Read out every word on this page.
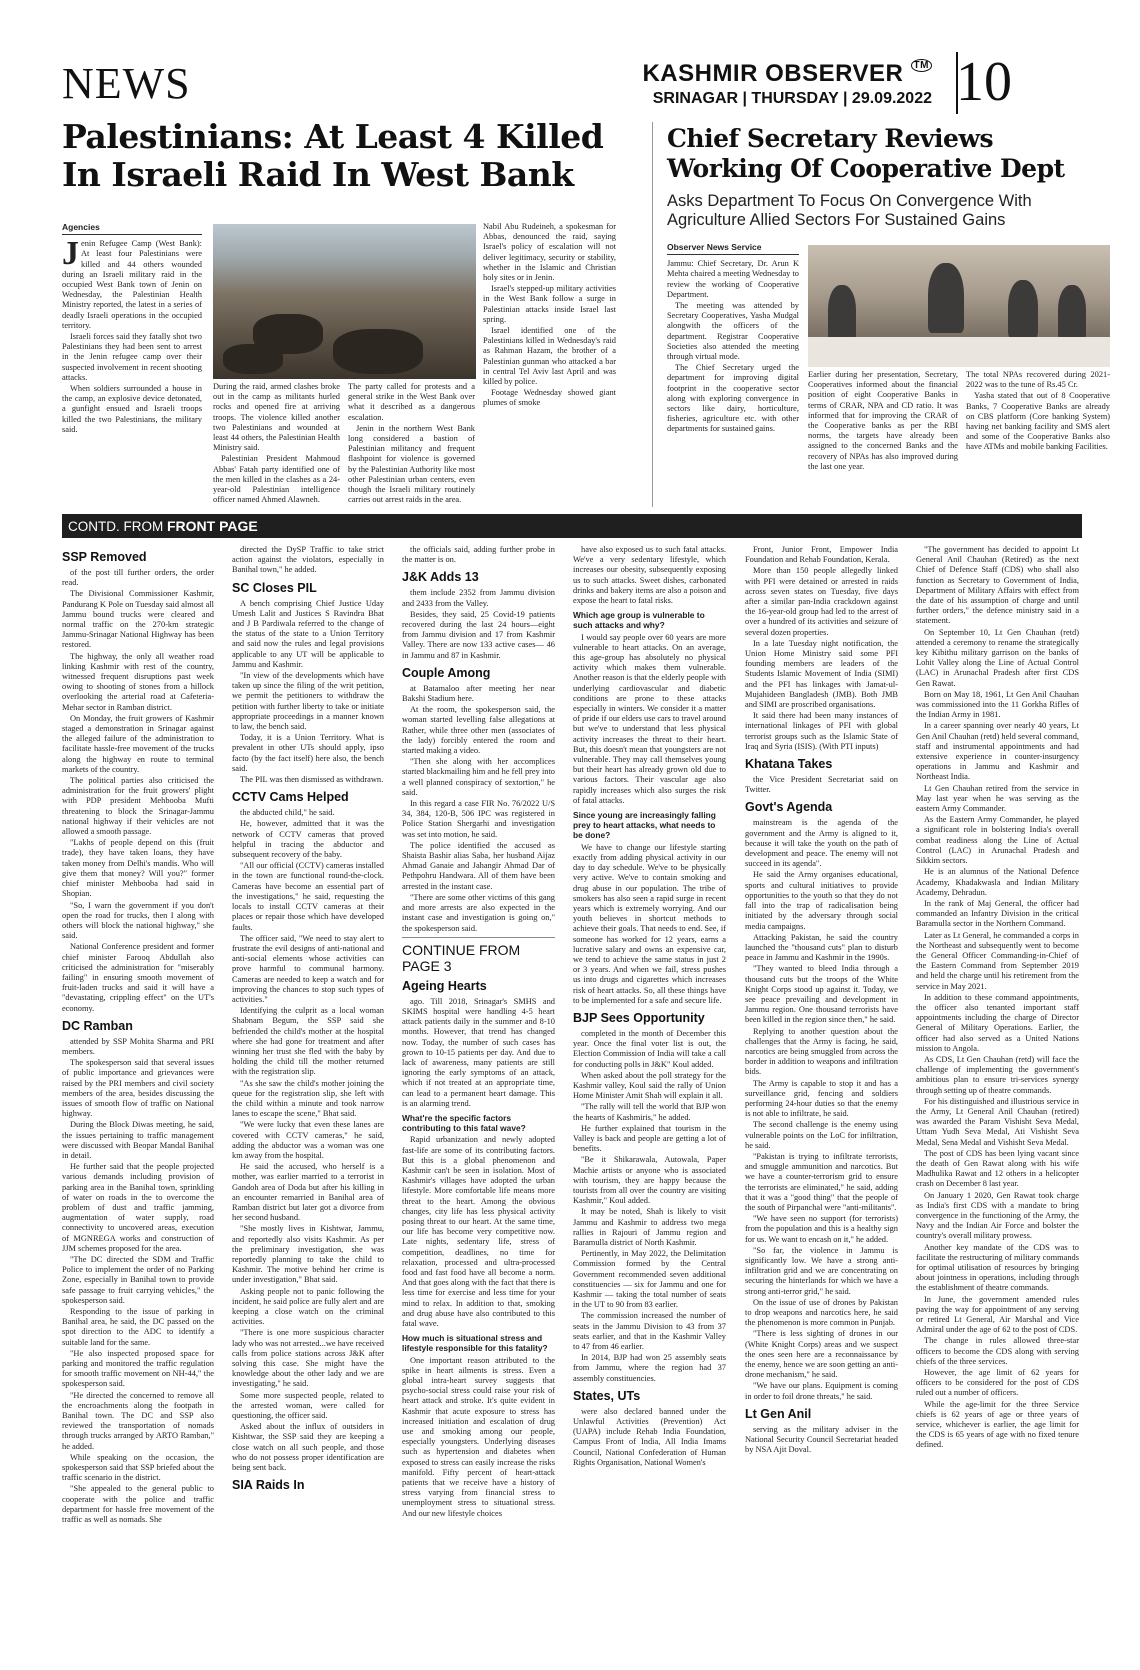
NEWS	KASHMIR OBSERVER ™
SRINAGAR | THURSDAY | 29.09.2022 10
Palestinians: At Least 4 Killed In Israeli Raid In West Bank
Agencies

Jenin Refugee Camp (West Bank): At least four Palestinians were killed and 44 others wounded during an Israeli military raid in the occupied West Bank town of Jenin on Wednesday, the Palestinian Health Ministry reported, the latest in a series of deadly Israeli operations in the occupied territory.

Israeli forces said they fatally shot two Palestinians they had been sent to arrest in the Jenin refugee camp over their suspected involvement in recent shooting attacks.

When soldiers surrounded a house in the camp, an explosive device detonated, a gunfight ensued and Israeli troops killed the two Palestinians, the military said.

During the raid, armed clashes broke out in the camp as militants hurled rocks and opened fire at arriving troops. The violence killed another two Palestinians and wounded at least 44 others, the Palestinian Health Ministry said.

Palestinian President Mahmoud Abbas' Fatah party identified one of the men killed in the clashes as a 24-year-old Palestinian intelligence officer named Ahmed Alawneh.

The party called for protests and a general strike in the West Bank over what it described as a dangerous escalation.

Jenin in the northern West Bank long considered a bastion of Palestinian militancy and frequent flashpoint for violence is governed by the Palestinian Authority like most other Palestinian urban centers, even though the Israeli military routinely carries out arrest raids in the area.

Nabil Abu Rudeineh, a spokesman for Abbas, denounced the raid, saying Israel's policy of escalation will not deliver legitimacy, security or stability, whether in the Islamic and Christian holy sites or in Jenin.

Israel's stepped-up military activities in the West Bank follow a surge in Palestinian attacks inside Israel last spring.

Israel identified one of the Palestinians killed in Wednesday's raid as Rahman Hazam, the brother of a Palestinian gunman who attacked a bar in central Tel Aviv last April and was killed by police.

Footage Wednesday showed giant plumes of smoke

Chief Secretary Reviews Working Of Cooperative Dept
Asks Department To Focus On Convergence With Agriculture Allied Sectors For Sustained Gains
Observer News Service

Jammu: Chief Secretary, Dr. Arun K Mehta chaired a meeting Wednesday to review the working of Cooperative Department.

The meeting was attended by Secretary Cooperatives, Yasha Mudgal alongwith the officers of the department. Registrar Cooperative Societies also attended the meeting through virtual mode.

The Chief Secretary urged the department for improving digital footprint in the cooperative sector along with exploring convergence in sectors like dairy, horticulture, fisheries, agriculture etc. with other departments for sustained gains.

Earlier during her presentation, Secretary, Cooperatives informed about the financial position of eight Cooperative Banks in terms of CRAR, NPA and CD ratio. It was informed that for improving the CRAR of the Cooperative banks as per the RBI norms, the targets have already been assigned to the concerned Banks and the recovery of NPAs has also improved during the last one year.

The total NPAs recovered during 2021-2022 was to the tune of Rs.45 Cr.

Yasha stated that out of 8 Cooperative Banks, 7 Cooperative Banks are already on CBS platform (Core banking System) having net banking facility and SMS alert and some of the Cooperative Banks also have ATMs and mobile banking Facilities.

CONTD. FROM FRONT PAGE
SSP Removed

of the post till further orders, the order read.

The Divisional Commissioner Kashmir, Pandurang K Pole on Tuesday said almost all Jammu bound trucks were cleared and normal traffic on the 270-km strategic Jammu-Srinagar National Highway has been restored.

The highway, the only all weather road linking Kashmir with rest of the country, witnessed frequent disruptions past week owing to shooting of stones from a hillock overlooking the arterial road at Cafeteria-Mehar sector in Ramban district.

On Monday, the fruit growers of Kashmir staged a demonstration in Srinagar against the alleged failure of the administration to facilitate hassle-free movement of the trucks along the highway en route to terminal markets of the country.

The political parties also criticised the administration for the fruit growers' plight with PDP president Mehbooba Mufti threatening to block the Srinagar-Jammu national highway if their vehicles are not allowed a smooth passage.

"Lakhs of people depend on this (fruit trade), they have taken loans, they have taken money from Delhi's mandis. Who will give them that money? Will you?" former chief minister Mehbooba had said in Shopian.

"So, I warn the government if you don't open the road for trucks, then I along with others will block the national highway," she said.

National Conference president and former chief minister Farooq Abdullah also criticised the administration for "miserably failing" in ensuring smooth movement of fruit-laden trucks and said it will have a "devastating, crippling effect" on the UT's economy.

DC Ramban

attended by SSP Mohita Sharma and PRI members.

The spokesperson said that several issues of public importance and grievances were raised by the PRI members and civil society members of the area, besides discussing the issues of smooth flow of traffic on National highway.

During the Block Diwas meeting, he said, the issues pertaining to traffic management were discussed with Beopar Mandal Banihal in detail.

He further said that the people projected various demands including provision of parking area in the Banihal town, sprinkling of water on roads in the to overcome the problem of dust and traffic jamming, augmentation of water supply, road connectivity to uncovered areas, execution of MGNREGA works and construction of JJM schemes proposed for the area.

"The DC directed the SDM and Traffic Police to implement the order of no Parking Zone, especially in Banihal town to provide safe passage to fruit carrying vehicles," the spokesperson said.

Responding to the issue of parking in Banihal area, he said, the DC passed on the spot direction to the ADC to identify a suitable land for the same.

"He also inspected proposed space for parking and monitored the traffic regulation for smooth traffic movement on NH-44," the spokesperson said.

"He directed the concerned to remove all the encroachments along the footpath in Banihal town. The DC and SSP also reviewed the transportation of nomads through trucks arranged by ARTO Ramban," he added.

While speaking on the occasion, the spokesperson said that SSP briefed about the traffic scenario in the district.

"She appealed to the general public to cooperate with the police and traffic department for hassle free movement of the traffic as well as nomads. She

directed the DySP Traffic to take strict action against the violators, especially in Banihal town," he added.

SC Closes PIL

A bench comprising Chief Justice Uday Umesh Lalit and Justices S Ravindra Bhat and J B Pardiwala referred to the change of the status of the state to a Union Territory and said now the rules and legal provisions applicable to any UT will be applicable to Jammu and Kashmir.

"In view of the developments which have taken up since the filing of the writ petition, we permit the petitioners to withdraw the petition with further liberty to take or initiate appropriate proceedings in a manner known to law, the bench said.

Today, it is a Union Territory. What is prevalent in other UTs should apply, ipso facto (by the fact itself) here also, the bench said.

The PIL was then dismissed as withdrawn.

CCTV Cams Helped

the abducted child," he said.

He, however, admitted that it was the network of CCTV cameras that proved helpful in tracing the abductor and subsequent recovery of the baby.

"All our official (CCTV) cameras installed in the town are functional round-the-clock. Cameras have become an essential part of the investigations," he said, requesting the locals to install CCTV cameras at their places or repair those which have developed faults.

The officer said, "We need to stay alert to frustrate the evil designs of anti-national and anti-social elements whose activities can prove harmful to communal harmony. Cameras are needed to keep a watch and for improving the chances to stop such types of activities."

Identifying the culprit as a local woman Shabnam Begum, the SSP said she befriended the child's mother at the hospital where she had gone for treatment and after winning her trust she fled with the baby by holding the child till the mother returned with the registration slip.

"As she saw the child's mother joining the queue for the registration slip, she left with the child within a minute and took narrow lanes to escape the scene," Bhat said.

"We were lucky that even these lanes are covered with CCTV cameras," he said, adding the abductor was a woman was one km away from the hospital.

He said the accused, who herself is a mother, was earlier married to a terrorist in Gandoh area of Doda but after his killing in an encounter remarried in Banihal area of Ramban district but later got a divorce from her second husband.

"She mostly lives in Kishtwar, Jammu, and reportedly also visits Kashmir. As per the preliminary investigation, she was reportedly planning to take the child to Kashmir. The motive behind her crime is under investigation," Bhat said.

Asking people not to panic following the incident, he said police are fully alert and are keeping a close watch on the criminal activities.

"There is one more suspicious character lady who was not arrested...we have received calls from police stations across J&K after solving this case. She might have the knowledge about the other lady and we are investigating," he said.

Some more suspected people, related to the arrested woman, were called for questioning, the officer said.

Asked about the influx of outsiders in Kishtwar, the SSP said they are keeping a close watch on all such people, and those who do not possess proper identification are being sent back.

SIA Raids In

the officials said, adding further probe in the matter is on.

J&K Adds 13

them include 2352 from Jammu division and 2433 from the Valley.

Besides, they said, 25 Covid-19 patients recovered during the last 24 hours—eight from Jammu division and 17 from Kashmir Valley. There are now 133 active cases— 46 in Jammu and 87 in Kashmir.

Couple Among

at Batamaloo after meeting her near Bakshi Stadium here.

At the room, the spokesperson said, the woman started levelling false allegations at Rather, while three other men (associates of the lady) forcibly entered the room and started making a video.

"Then she along with her accomplices started blackmailing him and he fell prey into a well planned conspiracy of sextortion," he said.

In this regard a case FIR No. 76/2022 U/S 34, 384, 120-B, 506 IPC was registered in Police Station Shergarhi and investigation was set into motion, he said.

The police identified the accused as Shaista Bashir alias Saba, her husband Aijaz Ahmad Ganaie and Jahangir Ahmad Dar of Pethpohru Handwara. All of them have been arrested in the instant case.

"There are some other victims of this gang and more arrests are also expected in the instant case and investigation is going on," the spokesperson said.

CONTINUE FROM PAGE 3
Ageing Hearts

ago. Till 2018, Srinagar's SMHS and SKIMS hospital were handling 4-5 heart attack patients daily in the summer and 8-10 months. However, that trend has changed now. Today, the number of such cases has grown to 10-15 patients per day. And due to lack of awareness, many patients are still ignoring the early symptoms of an attack, which if not treated at an appropriate time, can lead to a permanent heart damage. This is an alarming trend.

What're the specific factors contributing to this fatal wave?

Rapid urbanization and newly adopted fast-life are some of its contributing factors. But this is a global phenomenon and Kashmir can't be seen in isolation. Most of Kashmir's villages have adopted the urban lifestyle. More comfortable life means more threat to the heart. Among the obvious changes, city life has less physical activity posing threat to our heart. At the same time, our life has become very competitive now. Late nights, sedentary life, stress of competition, deadlines, no time for relaxation, processed and ultra-processed food and fast food have all become a norm. And that goes along with the fact that there is less time for exercise and less time for your mind to relax. In addition to that, smoking and drug abuse have also contributed to this fatal wave.

How much is situational stress and lifestyle responsible for this fatality?

One important reason attributed to the spike in heart ailments is stress. Even a global intra-heart survey suggests that psycho-social stress could raise your risk of heart attack and stroke. It's quite evident in Kashmir that acute exposure to stress has increased initiation and escalation of drug use and smoking among our people, especially youngsters. Underlying diseases such as hypertension and diabetes when exposed to stress can easily increase the risks manifold. Fifty percent of heart-attack patients that we receive have a history of stress varying from financial stress to unemployment stress to situational stress. And our new lifestyle choices

have also exposed us to such fatal attacks. We've a very sedentary lifestyle, which increases our obesity, subsequently exposing us to such attacks. Sweet dishes, carbonated drinks and bakery items are also a poison and expose the heart to fatal risks.

Which age group is vulnerable to such attacks and why?

I would say people over 60 years are more vulnerable to heart attacks. On an average, this age-group has absolutely no physical activity which makes them vulnerable. Another reason is that the elderly people with underlying cardiovascular and diabetic conditions are prone to these attacks especially in winters. We consider it a matter of pride if our elders use cars to travel around but we've to understand that less physical activity increases the threat to their heart. But, this doesn't mean that youngsters are not vulnerable. They may call themselves young but their heart has already grown old due to various factors. Their vascular age also rapidly increases which also surges the risk of fatal attacks.

Since young are increasingly falling prey to heart attacks, what needs to be done?

We have to change our lifestyle starting exactly from adding physical activity in our day to day schedule. We've to be physically very active. We've to contain smoking and drug abuse in our population. The tribe of smokers has also seen a rapid surge in recent years which is extremely worrying. And our youth believes in shortcut methods to achieve their goals. That needs to end. See, if someone has worked for 12 years, earns a lucrative salary and owns an expensive car, we tend to achieve the same status in just 2 or 3 years. And when we fail, stress pushes us into drugs and cigarettes which increases risk of heart attacks. So, all these things have to be implemented for a safe and secure life.

BJP Sees Opportunity

completed in the month of December this year. Once the final voter list is out, the Election Commission of India will take a call for conducting polls in J&K" Koul added.

When asked about the poll strategy for the Kashmir valley, Koul said the rally of Union Home Minister Amit Shah will explain it all.

"The rally will tell the world that BJP won the hearts of Kashmiris," he added.

He further explained that tourism in the Valley is back and people are getting a lot of benefits.

"Be it Shikarawala, Autowala, Paper Machie artists or anyone who is associated with tourism, they are happy because the tourists from all over the country are visiting Kashmir," Koul added.

It may be noted, Shah is likely to visit Jammu and Kashmir to address two mega rallies in Rajouri of Jammu region and Baramulla district of North Kashmir.

Pertinently, in May 2022, the Delimitation Commission formed by the Central Government recommended seven additional constituencies — six for Jammu and one for Kashmir — taking the total number of seats in the UT to 90 from 83 earlier.

The commission increased the number of seats in the Jammu Division to 43 from 37 seats earlier, and that in the Kashmir Valley to 47 from 46 earlier.

In 2014, BJP had won 25 assembly seats from Jammu, where the region had 37 assembly constituencies.

States, UTs

were also declared banned under the Unlawful Activities (Prevention) Act (UAPA) include Rehab India Foundation, Campus Front of India, All India Imams Council, National Confederation of Human Rights Organisation, National Women's

Front, Junior Front, Empower India Foundation and Rehab Foundation, Kerala.

More than 150 people allegedly linked with PFI were detained or arrested in raids across seven states on Tuesday, five days after a similar pan-India crackdown against the 16-year-old group had led to the arrest of over a hundred of its activities and seizure of several dozen properties.

In a late Tuesday night notification, the Union Home Ministry said some PFI founding members are leaders of the Students Islamic Movement of India (SIMI) and the PFI has linkages with Jamat-ul-Mujahideen Bangladesh (JMB). Both JMB and SIMI are proscribed organisations.

It said there had been many instances of international linkages of PFI with global terrorist groups such as the Islamic State of Iraq and Syria (ISIS). (With PTI inputs)

Khatana Takes

the Vice President Secretariat said on Twitter.

Govt's Agenda

mainstream is the agenda of the government and the Army is aligned to it, because it will take the youth on the path of development and peace. The enemy will not succeed in its agenda".

He said the Army organises educational, sports and cultural initiatives to provide opportunities to the youth so that they do not fall into the trap of radicalisation being initiated by the adversary through social media campaigns.

Attacking Pakistan, he said the country launched the "thousand cuts" plan to disturb peace in Jammu and Kashmir in the 1990s.

"They wanted to bleed India through a thousand cuts but the troops of the White Knight Corps stood up against it. Today, we see peace prevailing and development in Jammu region. One thousand terrorists have been killed in the region since then," he said.

Replying to another question about the challenges that the Army is facing, he said, narcotics are being smuggled from across the border in addition to weapons and infiltration bids.

The Army is capable to stop it and has a surveillance grid, fencing and soldiers performing 24-hour duties so that the enemy is not able to infiltrate, he said.

The second challenge is the enemy using vulnerable points on the LoC for infiltration, he said.

"Pakistan is trying to infiltrate terrorists, and smuggle ammunition and narcotics. But we have a counter-terrorism grid to ensure the terrorists are eliminated," he said, adding that it was a "good thing" that the people of the south of Pirpanchal were "anti-militants".

"We have seen no support (for terrorists) from the population and this is a healthy sign for us. We want to encash on it," he added.

"So far, the violence in Jammu is significantly low. We have a strong anti-infiltration grid and we are concentrating on securing the hinterlands for which we have a strong anti-terror grid," he said.

On the issue of use of drones by Pakistan to drop weapons and narcotics here, he said the phenomenon is more common in Punjab.

"There is less sighting of drones in our (White Knight Corps) areas and we suspect the ones seen here are a reconnaissance by the enemy, hence we are soon getting an anti-drone mechanism," he said.

"We have our plans. Equipment is coming in order to foil drone threats," he said.

Lt Gen Anil

serving as the military adviser in the National Security Council Secretariat headed by NSA Ajit Doval.

"The government has decided to appoint Lt General Anil Chauhan (Retired) as the next Chief of Defence Staff (CDS) who shall also function as Secretary to Government of India, Department of Military Affairs with effect from the date of his assumption of charge and until further orders," the defence ministry said in a statement.

On September 10, Lt Gen Chauhan (retd) attended a ceremony to rename the strategically key Kibithu military garrison on the banks of Lohit Valley along the Line of Actual Control (LAC) in Arunachal Pradesh after first CDS Gen Rawat.

Born on May 18, 1961, Lt Gen Anil Chauhan was commissioned into the 11 Gorkha Rifles of the Indian Army in 1981.

In a career spanning over nearly 40 years, Lt Gen Anil Chauhan (retd) held several command, staff and instrumental appointments and had extensive experience in counter-insurgency operations in Jammu and Kashmir and Northeast India.

Lt Gen Chauhan retired from the service in May last year when he was serving as the eastern Army Commander.

As the Eastern Army Commander, he played a significant role in bolstering India's overall combat readiness along the Line of Actual Control (LAC) in Arunachal Pradesh and Sikkim sectors.

He is an alumnus of the National Defence Academy, Khadakwasla and Indian Military Academy, Dehradun.

In the rank of Maj General, the officer had commanded an Infantry Division in the critical Baramulla sector in the Northern Command.

Later as Lt General, he commanded a corps in the Northeast and subsequently went to become the General Officer Commanding-in-Chief of the Eastern Command from September 2019 and held the charge until his retirement from the service in May 2021.

In addition to these command appointments, the officer also tenanted important staff appointments including the charge of Director General of Military Operations. Earlier, the officer had also served as a United Nations mission to Angola.

As CDS, Lt Gen Chauhan (retd) will face the challenge of implementing the government's ambitious plan to ensure tri-services synergy through setting up of theatre commands.

For his distinguished and illustrious service in the Army, Lt General Anil Chauhan (retired) was awarded the Param Vishisht Seva Medal, Uttam Yudh Seva Medal, Ati Vishisht Seva Medal, Sena Medal and Vishisht Seva Medal.

The post of CDS has been lying vacant since the death of Gen Rawat along with his wife Madhulika Rawat and 12 others in a helicopter crash on December 8 last year.

On January 1 2020, Gen Rawat took charge as India's first CDS with a mandate to bring convergence in the functioning of the Army, the Navy and the Indian Air Force and bolster the country's overall military prowess.

Another key mandate of the CDS was to facilitate the restructuring of military commands for optimal utilisation of resources by bringing about jointness in operations, including through the establishment of theatre commands.

In June, the government amended rules paving the way for appointment of any serving or retired Lt General, Air Marshal and Vice Admiral under the age of 62 to the post of CDS.

The change in rules allowed three-star officers to become the CDS along with serving chiefs of the three services.

However, the age limit of 62 years for officers to be considered for the post of CDS ruled out a number of officers.

While the age-limit for the three Service chiefs is 62 years of age or three years of service, whichever is earlier, the age limit for the CDS is 65 years of age with no fixed tenure defined.
